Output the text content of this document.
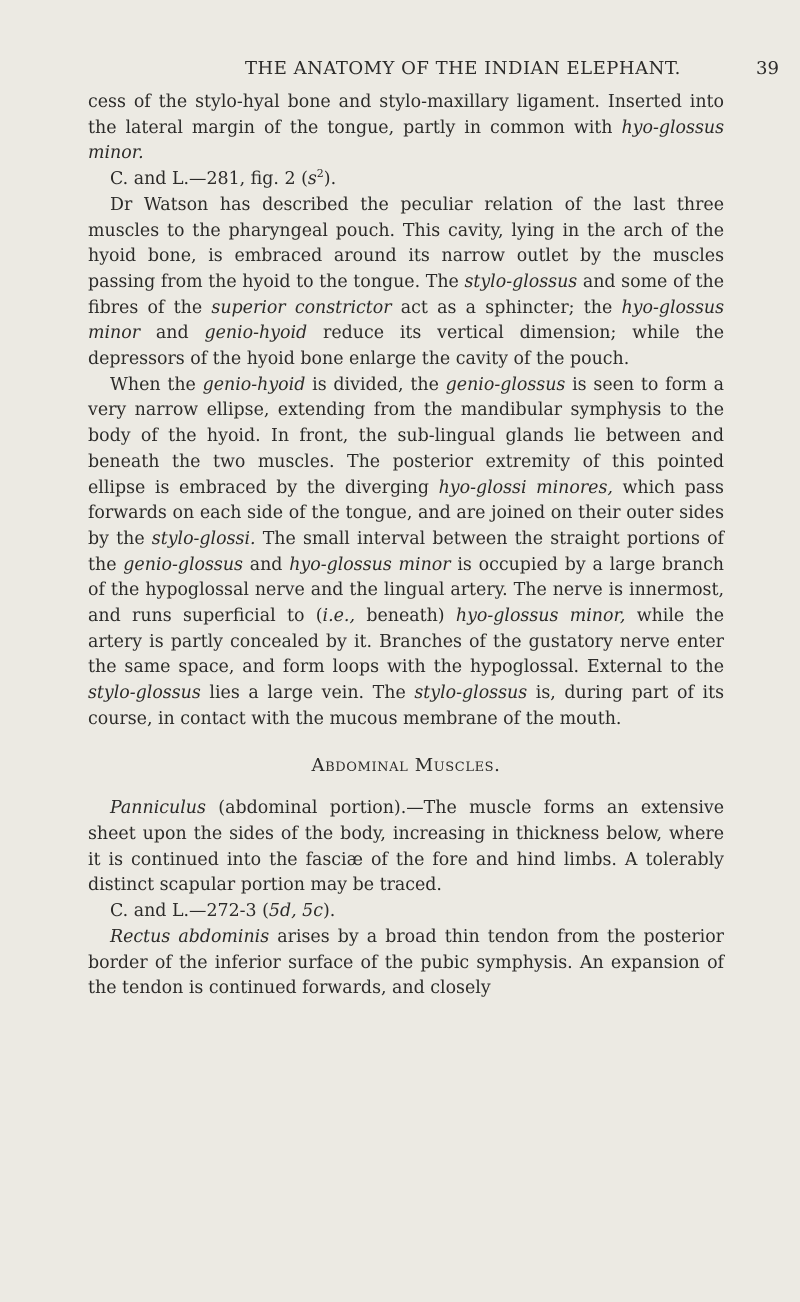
THE ANATOMY OF THE INDIAN ELEPHANT.	39

cess of the stylo-hyal bone and stylo-maxillary ligament. Inserted into the lateral margin of the tongue, partly in common with hyo-glossus minor.

C. and L.—281, fig. 2 $(s^2)$.

Dr Watson has described the peculiar relation of the last three muscles to the pharyngeal pouch. This cavity, lying in the arch of the hyoid bone, is embraced around its narrow outlet by the muscles passing from the hyoid to the tongue. The stylo-glossus and some of the fibres of the superior constrictor act as a sphincter; the hyo-glossus minor and genio-hyoid reduce its vertical dimension; while the depressors of the hyoid bone enlarge the cavity of the pouch.

When the genio-hyoid is divided, the genio-glossus is seen to form a very narrow ellipse, extending from the mandibular symphysis to the body of the hyoid. In front, the sub-lingual glands lie between and beneath the two muscles. The posterior extremity of this pointed ellipse is embraced by the diverging hyo-glossi minores, which pass forwards on each side of the tongue, and are joined on their outer sides by the stylo-glossi. The small interval between the straight portions of the genio-glossus and hyo-glossus minor is occupied by a large branch of the hypoglossal nerve and the lingual artery. The nerve is innermost, and runs superficial to (i.e., beneath) hyo-glossus minor, while the artery is partly concealed by it. Branches of the gustatory nerve enter the same space, and form loops with the hypoglossal. External to the stylo-glossus lies a large vein. The stylo-glossus is, during part of its course, in contact with the mucous membrane of the mouth.

Abdominal Muscles.

Panniculus (abdominal portion).—The muscle forms an extensive sheet upon the sides of the body, increasing in thickness below, where it is continued into the fasciæ of the fore and hind limbs. A tolerably distinct scapular portion may be traced.

C. and L.—272-3 (5d, 5c).

Rectus abdominis arises by a broad thin tendon from the posterior border of the inferior surface of the pubic symphysis. An expansion of the tendon is continued forwards, and closely
